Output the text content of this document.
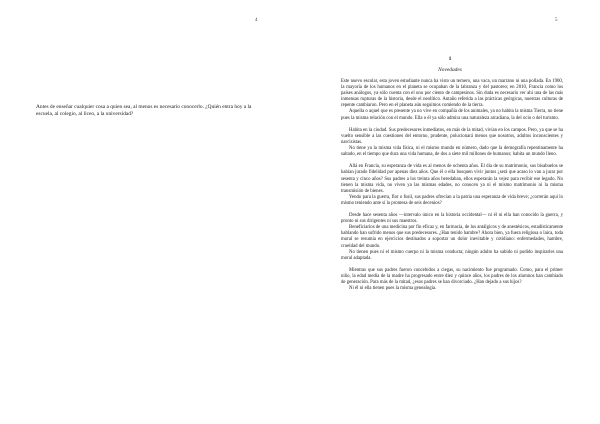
4

Antes de enseñar cualquier cosa a quien sea, al menos es necesario conocerlo. ¿Quién entra hoy a la escuela, al colegio, al liceo, a la universidad?

5
1
Novedades

Este nuevo escolar, esta joven estudiante nunca ha visto un ternero, una vaca, un marrano ni una pollada. En 1900, la mayoría de los humanos en el planeta se ocupaban de la labranza y del pastoreo; en 2010, Francia como los países análogos, ya sólo cuenta con el uno por ciento de campesinos. Sin duda es necesario ver ahí una de las más inmensas rupturas de la historia, desde el neolítico. Antaño referida a las prácticas geórgicas, nuestras culturas de repente cambiaron. Pero en el planeta aún seguimos comiendo de la tierra.

Aquella o aquel que es presente ya no vive en compañía de los animales, ya no habita la misma Tierra, no tiene pues la misma relación con el mundo. Ella o él ya sólo admira una naturaleza arcadiana, la del ocio o del turismo.

Habita en la ciudad. Sus predecesores inmediatos, en más de la mitad, vivían en los campos. Pero, ya que se ha vuelto sensible a las cuestiones del entorno, prudente, polucionará menos que nosotros, adultos inconscientes y narcisistas.

No tiene ya la misma vida física, ni el mismo mundo en número, dado que la demografía repentinamente ha saltado, en el tiempo que dura una vida humana, de dos a siete mil millones de humanos; habita un mundo lleno.

Allá en Francia, su esperanza de vida es al menos de ochenta años. El día de su matrimonio, sus bisabuelos se habían jurado fidelidad por apenas diez años. Que él o ella busquen vivir juntos ¿será que acaso lo van a jurar por sesenta y cinco años? Sus padres a los treinta años heredaban, ellos esperarán la vejez para recibir ese legado. No tienen la misma vida, no viven ya las mismas edades, no conocen ya ni el mismo matrimonio ni la misma transmisión de bienes.

Yendo para la guerra, flor o fusil, sus padres ofrecían a la patria una esperanza de vida breve; ¿correrán aquí lo mismo teniendo ante sí la promesa de seis decenios?

Desde hace sesenta años —intervalo único en la historia occidental— ni él ni ella han conocido la guerra, y pronto ni sus dirigentes ni sus maestros.

Beneficiarios de una medicina por fin eficaz y, en farmacia, de los antálgicos y de anestésicos, estadísticamente hablando han sufrido menos que sus predecesores. ¿Han tenido hambre? Ahora bien, ya fuera religiosa o laica, toda moral se resumía en ejercicios destinados a soportar un dolor inevitable y cotidiano: enfermedades, hambre, crueldad del mundo.

No tienen pues ni el mismo cuerpo ni la misma conducta; ningún adulto ha sabido ni podido inspirarles una moral adaptada.

Mientras que sus padres fueron concebidos a ciegas, su nacimiento fue programado. Como, para el primer niño, la edad media de la madre ha progresado entre diez y quince años, los padres de los alumnos han cambiado de generación. Para más de la mitad, ¿esos padres se han divorciado. ¿Han dejado a sus hijos?

Ni él ni ella tienen pues la misma genealogía.
